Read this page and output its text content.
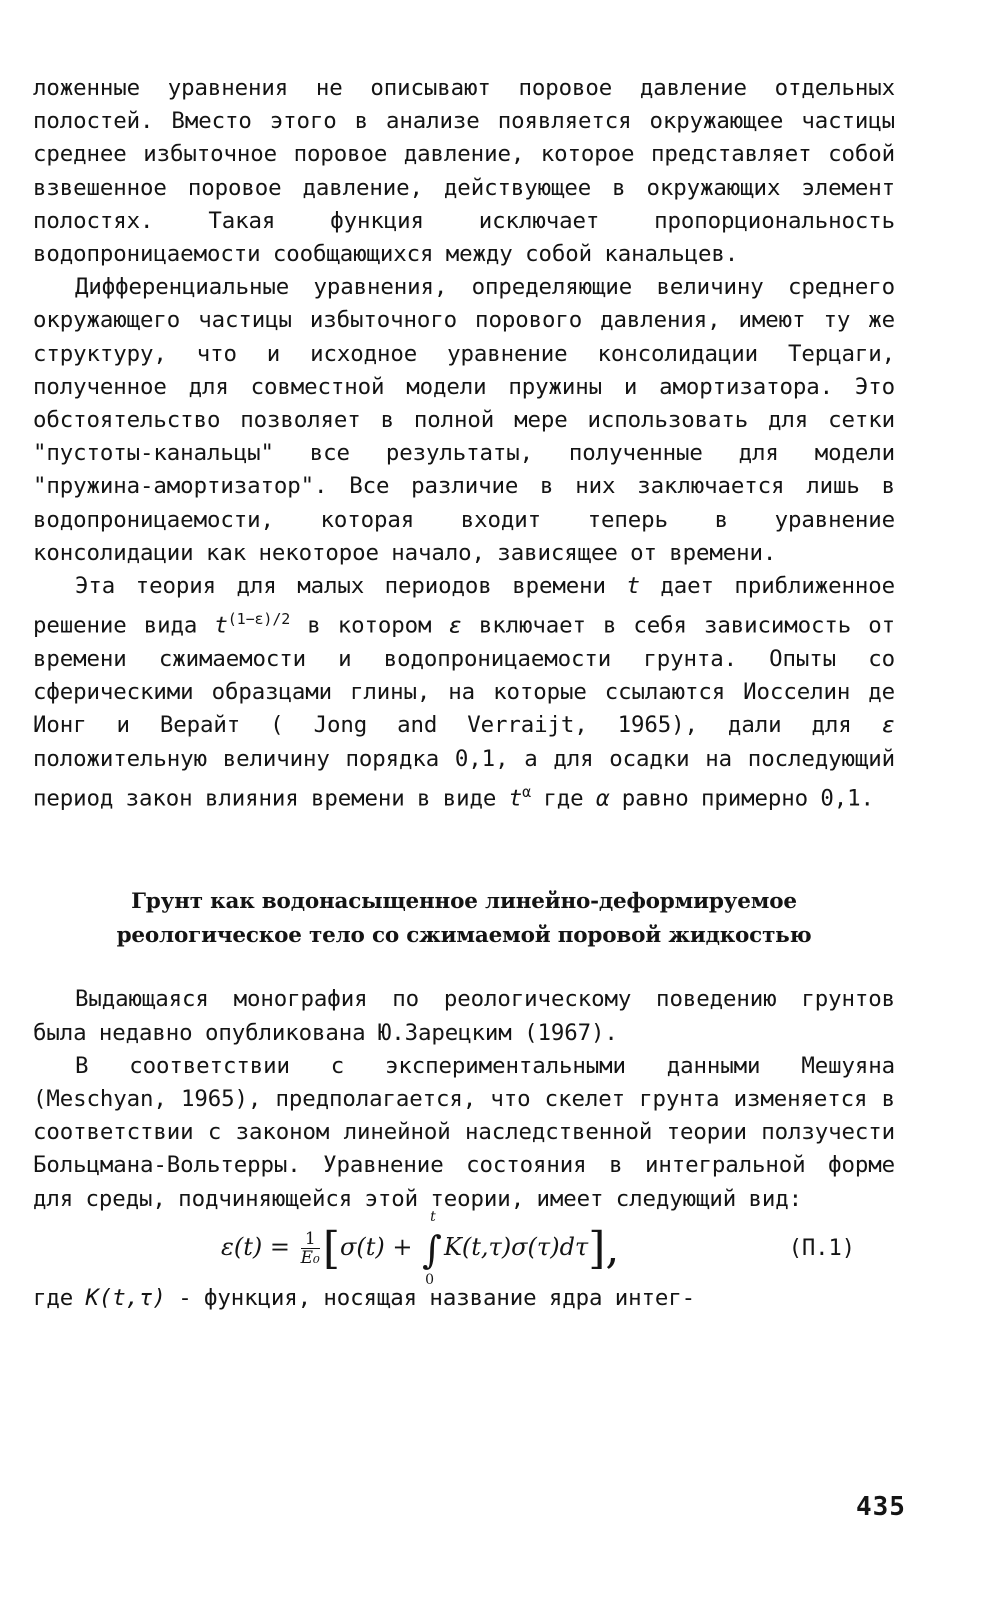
ложенные уравнения не описывают поровое давление отдельных полостей. Вместо этого в анализе появляется окружающее частицы среднее избыточное поровое давление, которое представляет собой взвешенное поровое давление, действующее в окружающих элемент полостях. Такая функция исключает пропорциональность водопроницаемости сообщающихся между собой канальцев.

Дифференциальные уравнения, определяющие величину среднего окружающего частицы избыточного порового давления, имеют ту же структуру, что и исходное уравнение консолидации Терцаги, полученное для совместной модели пружины и амортизатора. Это обстоятельство позволяет в полной мере использовать для сетки "пустоты-канальцы" все результаты, полученные для модели "пружина-амортизатор". Все различие в них заключается лишь в водопроницаемости, которая входит теперь в уравнение консолидации как некоторое начало, зависящее от времени.

Эта теория для малых периодов времени t дает приближенное решение вида $t^{(1-\varepsilon)/2}$ в котором ε включает в себя зависимость от времени сжимаемости и водопроницаемости грунта. Опыты со сферическими образцами глины, на которые ссылаются Иосселин де Ионг и Верайт ( Jong and Verraijt, 1965), дали для ε положительную величину порядка 0,1, а для осадки на последующий период закон влияния времени в виде $t^\alpha$ где α равно примерно 0,1.

Грунт как водонасыщенное линейно-деформируемое

реологическое тело со сжимаемой поровой жидкостью

Выдающаяся монография по реологическому поведению грунтов была недавно опубликована Ю.Зарецким (1967).

В соответствии с экспериментальными данными Мешуяна (Meschyan, 1965), предполагается, что скелет грунта изменяется в соответствии с законом линейной наследственной теории ползучести Больцмана-Вольтерры. Уравнение состояния в интегральной форме для среды, подчиняющейся этой теории, имеет следующий вид:

$\varepsilon(t) = \frac{1}{\text{E₀}} [\sigma(t)$ +
t
∫
0
K(t,τ)σ(τ)dτ],	(П.1)

где K(t,τ) - функция, носящая название ядра интег-

435
